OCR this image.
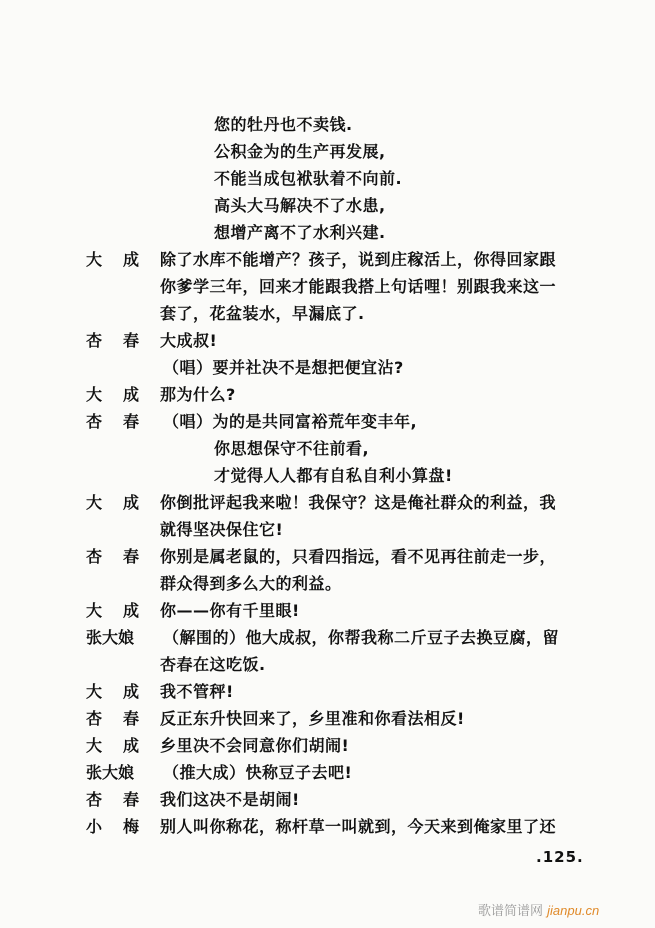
您的牡丹也不卖钱.
公积金为的生产再发展,
不能当成包袱驮着不向前.
高头大马解决不了水患,
想增产离不了水利兴建.
大成 除了水库不能增产？孩子，说到庄稼活上，你得回家跟
你爹学三年，回来才能跟我搭上句话哩！别跟我来这一
套了，花盆装水，早漏底了.
杏春 大成叔!
（唱）要并社决不是想把便宜沾?
大成 那为什么?
杏春 （唱）为的是共同富裕荒年变丰年,
你思想保守不往前看,
才觉得人人都有自私自利小算盘!
大成 你倒批评起我来啦！我保守？这是俺社群众的利益，我
就得坚决保住它!
杏春 你别是属老鼠的，只看四指远，看不见再往前走一步，
群众得到多么大的利益。
大成 你——你有千里眼!
张大娘	（解围的）他大成叔，你帮我称二斤豆子去换豆腐，留
杏春在这吃饭.
大成 我不管秤!
杏春 反正东升快回来了，乡里准和你看法相反!
大成 乡里决不会同意你们胡闹!
张大娘	（推大成）快称豆子去吧!
杏春 我们这决不是胡闹!
小梅 别人叫你称花，称杆草一叫就到，今天来到俺家里了还
.125.
歌谱简谱网 jianpu.cn
